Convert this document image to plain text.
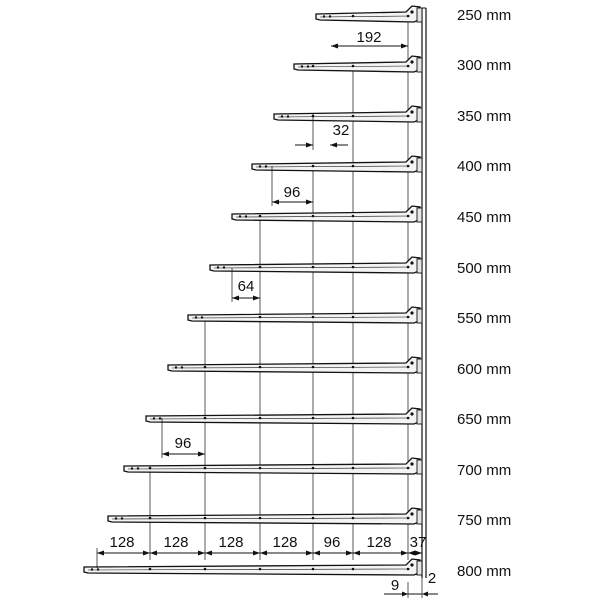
250 mm
300 mm
350 mm
400 mm
450 mm
500 mm
550 mm
600 mm
650 mm
700 mm
750 mm
800 mm
192
32
96
64
96
128 128 128 128 96 128 37
9 2
